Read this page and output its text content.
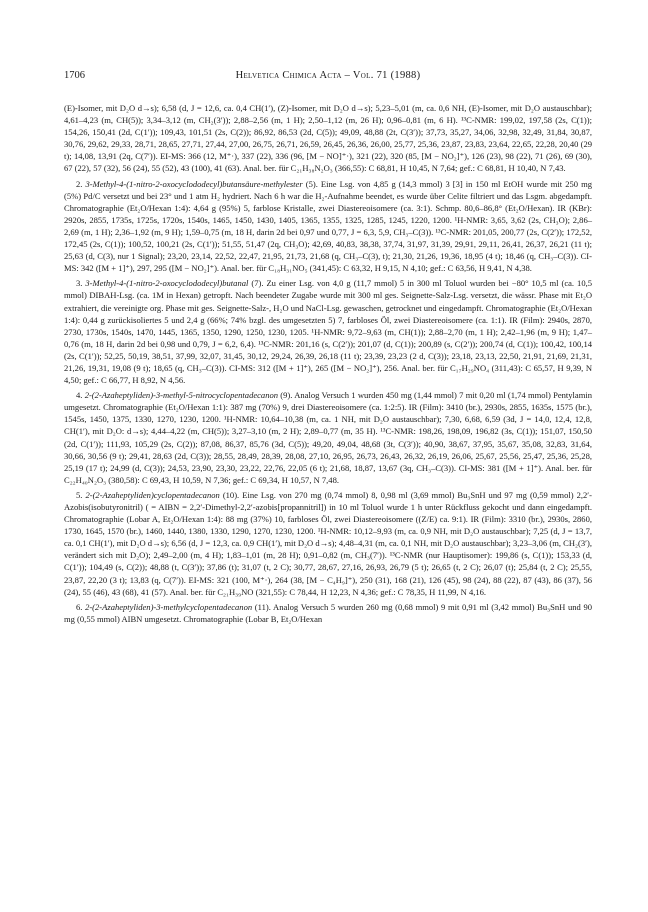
1706	Helvetica Chimica Acta – Vol. 71 (1988)

(E)-Isomer, mit D₂O d→s); 6,58 (d, J = 12,6, ca. 0,4 CH(1′), (Z)-Isomer, mit D₂O d→s); 5,23–5,01 (m, ca. 0,6 NH, (E)-Isomer, mit D₂O austauschbar); 4,61–4,23 (m, CH(5)); 3,34–3,12 (m, CH₂(3′)); 2,88–2,56 (m, 1 H); 2,50–1,12 (m, 26 H); 0,96–0,81 (m, 6 H). ¹³C-NMR: 199,02, 197,58 (2s, C(1)); 154,26, 150,41 (2d, C(1′)); 109,43, 101,51 (2s, C(2)); 86,92, 86,53 (2d, C(5)); 49,09, 48,88 (2t, C(3′)); 37,73, 35,27, 34,06, 32,98, 32,49, 31,84, 30,87, 30,76, 29,62, 29,33, 28,71, 28,65, 27,71, 27,44, 27,00, 26,75, 26,71, 26,59, 26,45, 26,36, 26,00, 25,77, 25,36, 23,87, 23,83, 23,64, 22,65, 22,28, 20,40 (29 t); 14,08, 13,91 (2q, C(7′)). EI-MS: 366 (12, M⁺·), 337 (22), 336 (96, [M − NO]⁺·), 321 (22), 320 (85, [M − NO₂]⁺), 126 (23), 98 (22), 71 (26), 69 (30), 67 (22), 57 (32), 56 (24), 55 (52), 43 (100), 41 (63). Anal. ber. für C₂₁H₃₈N₂O₃ (366,55): C 68,81, H 10,45, N 7,64; gef.: C 68,81, H 10,40, N 7,43.

2. 3-Methyl-4-(1-nitro-2-oxocyclododecyl)butansäure-methylester (5). Eine Lsg. von 4,85 g (14,3 mmol) 3 [3] in 150 ml EtOH wurde mit 250 mg (5%) Pd/C versetzt und bei 23° und 1 atm H₂ hydriert. Nach 6 h war die H₂-Aufnahme beendet, es wurde über Celite filtriert und das Lsgm. abgedampft. Chromatographie (Et₂O/Hexan 1:4): 4,64 g (95%) 5, farblose Kristalle, zwei Diastereoisomere (ca. 3:1). Schmp. 80,6–86,8° (Et₂O/Hexan). IR (KBr): 2920s, 2855, 1735s, 1725s, 1720s, 1540s, 1465, 1450, 1430, 1405, 1365, 1355, 1325, 1285, 1245, 1220, 1200. ¹H-NMR: 3,65, 3,62 (2s, CH₃O); 2,86–2,69 (m, 1 H); 2,36–1,92 (m, 9 H); 1,59–0,75 (m, 18 H, darin 2d bei 0,97 und 0,77, J = 6,3, 5,9, CH₃–C(3)). ¹³C-NMR: 201,05, 200,77 (2s, C(2′)); 172,52, 172,45 (2s, C(1)); 100,52, 100,21 (2s, C(1′)); 51,55, 51,47 (2q, CH₃O); 42,69, 40,83, 38,38, 37,74, 31,97, 31,39, 29,91, 29,11, 26,41, 26,37, 26,21 (11 t); 25,63 (d, C(3), nur 1 Signal); 23,20, 23,14, 22,52, 22,47, 21,95, 21,73, 21,68 (q, CH₃–C(3), t); 21,30, 21,26, 19,36, 18,95 (4 t); 18,46 (q, CH₃–C(3)). CI-MS: 342 ([M + 1]⁺), 297, 295 ([M − NO₂]⁺). Anal. ber. für C₁₈H₃₁NO₅ (341,45): C 63,32, H 9,15, N 4,10; gef.: C 63,56, H 9,41, N 4,38.

3. 3-Methyl-4-(1-nitro-2-oxocyclododecyl)butanal (7). Zu einer Lsg. von 4,0 g (11,7 mmol) 5 in 300 ml Toluol wurden bei −80° 10,5 ml (ca. 10,5 mmol) DIBAH-Lsg. (ca. 1M in Hexan) getropft. Nach beendeter Zugabe wurde mit 300 ml ges. Seignette-Salz-Lsg. versetzt, die wässr. Phase mit Et₂O extrahiert, die vereinigte org. Phase mit ges. Seignette-Salz-, H₂O und NaCl-Lsg. gewaschen, getrocknet und eingedampft. Chromatographie (Et₂O/Hexan 1:4): 0,44 g zurückisoliertes 5 und 2,4 g (66%; 74% bzgl. des umgesetzten 5) 7, farbloses Öl, zwei Diastereoisomere (ca. 1:1). IR (Film): 2940s, 2870, 2730, 1730s, 1540s, 1470, 1445, 1365, 1350, 1290, 1250, 1230, 1205. ¹H-NMR: 9,72–9,63 (m, CH(1)); 2,88–2,70 (m, 1 H); 2,42–1,96 (m, 9 H); 1,47–0,76 (m, 18 H, darin 2d bei 0,98 und 0,79, J = 6,2, 6,4). ¹³C-NMR: 201,16 (s, C(2′)); 201,07 (d, C(1)); 200,89 (s, C(2′)); 200,74 (d, C(1)); 100,42, 100,14 (2s, C(1′)); 52,25, 50,19, 38,51, 37,99, 32,07, 31,45, 30,12, 29,24, 26,39, 26,18 (11 t); 23,39, 23,23 (2 d, C(3)); 23,18, 23,13, 22,50, 21,91, 21,69, 21,31, 21,26, 19,31, 19,08 (9 t); 18,65 (q, CH₃–C(3)). CI-MS: 312 ([M + 1]⁺), 265 ([M − NO₂]⁺), 256. Anal. ber. für C₁₇H₂₉NO₄ (311,43): C 65,57, H 9,39, N 4,50; gef.: C 66,77, H 8,92, N 4,56.

4. 2-(2-Azaheptyliden)-3-methyl-5-nitrocyclopentadecanon (9). Analog Versuch 1 wurden 450 mg (1,44 mmol) 7 mit 0,20 ml (1,74 mmol) Pentylamin umgesetzt. Chromatographie (Et₂O/Hexan 1:1): 387 mg (70%) 9, drei Diastereoisomere (ca. 1:2:5). IR (Film): 3410 (br.), 2930s, 2855, 1635s, 1575 (br.), 1545s, 1450, 1375, 1330, 1270, 1230, 1200. ¹H-NMR: 10,64–10,38 (m, ca. 1 NH, mit D₂O austauschbar); 7,30, 6,68, 6,59 (3d, J = 14,0, 12,4, 12,8, CH(1′), mit D₂O: d→s); 4,44–4,22 (m, CH(5)); 3,27–3,10 (m, 2 H); 2,89–0,77 (m, 35 H). ¹³C-NMR: 198,26, 198,09, 196,82 (3s, C(1)); 151,07, 150,50 (2d, C(1′)); 111,93, 105,29 (2s, C(2)); 87,08, 86,37, 85,76 (3d, C(5)); 49,20, 49,04, 48,68 (3t, C(3′)); 40,90, 38,67, 37,95, 35,67, 35,08, 32,83, 31,64, 30,66, 30,56 (9 t); 29,41, 28,63 (2d, C(3)); 28,55, 28,49, 28,39, 28,08, 27,10, 26,95, 26,73, 26,43, 26,32, 26,19, 26,06, 25,67, 25,56, 25,47, 25,36, 25,28, 25,19 (17 t); 24,99 (d, C(3)); 24,53, 23,90, 23,30, 23,22, 22,76, 22,05 (6 t); 21,68, 18,87, 13,67 (3q, CH₃–C(3)). CI-MS: 381 ([M + 1]⁺). Anal. ber. für C₂₂H₄₀N₂O₃ (380,58): C 69,43, H 10,59, N 7,36; gef.: C 69,34, H 10,57, N 7,48.

5. 2-(2-Azaheptyliden)cyclopentadecanon (10). Eine Lsg. von 270 mg (0,74 mmol) 8, 0,98 ml (3,69 mmol) Bu₃SnH und 97 mg (0,59 mmol) 2,2′-Azobis(isobutyronitril) ( = AIBN = 2,2′-Dimethyl-2,2′-azobis[propannitril]) in 10 ml Toluol wurde 1 h unter Rückfluss gekocht und dann eingedampft. Chromatographie (Lobar A, Et₂O/Hexan 1:4): 88 mg (37%) 10, farbloses Öl, zwei Diastereoisomere ((Z/E) ca. 9:1). IR (Film): 3310 (br.), 2930s, 2860, 1730, 1645, 1570 (br.), 1460, 1440, 1380, 1330, 1290, 1270, 1230, 1200. ¹H-NMR: 10,12–9,93 (m, ca. 0,9 NH, mit D₂O austauschbar); 7,25 (d, J = 13,7, ca. 0,1 CH(1′), mit D₂O d→s); 6,56 (d, J = 12,3, ca. 0,9 CH(1′), mit D₂O d→s); 4,48–4,31 (m, ca. 0,1 NH, mit D₂O austauschbar); 3,23–3,06 (m, CH₂(3′), verändert sich mit D₂O); 2,49–2,00 (m, 4 H); 1,83–1,01 (m, 28 H); 0,91–0,82 (m, CH₃(7′)). ¹³C-NMR (nur Hauptisomer): 199,86 (s, C(1)); 153,33 (d, C(1′)); 104,49 (s, C(2)); 48,88 (t, C(3′)); 37,86 (t); 31,07 (t, 2 C); 30,77, 28,67, 27,16, 26,93, 26,79 (5 t); 26,65 (t, 2 C); 26,07 (t); 25,84 (t, 2 C); 25,55, 23,87, 22,20 (3 t); 13,83 (q, C(7′)). EI-MS: 321 (100, M⁺·), 264 (38, [M − C₄H₉]⁺), 250 (31), 168 (21), 126 (45), 98 (24), 88 (22), 87 (43), 86 (37), 56 (24), 55 (46), 43 (68), 41 (57). Anal. ber. für C₂₁H₃₉NO (321,55): C 78,44, H 12,23, N 4,36; gef.: C 78,35, H 11,99, N 4,16.

6. 2-(2-Azaheptyliden)-3-methylcyclopentadecanon (11). Analog Versuch 5 wurden 260 mg (0,68 mmol) 9 mit 0,91 ml (3,42 mmol) Bu₃SnH und 90 mg (0,55 mmol) AIBN umgesetzt. Chromatographie (Lobar B, Et₂O/Hexan
